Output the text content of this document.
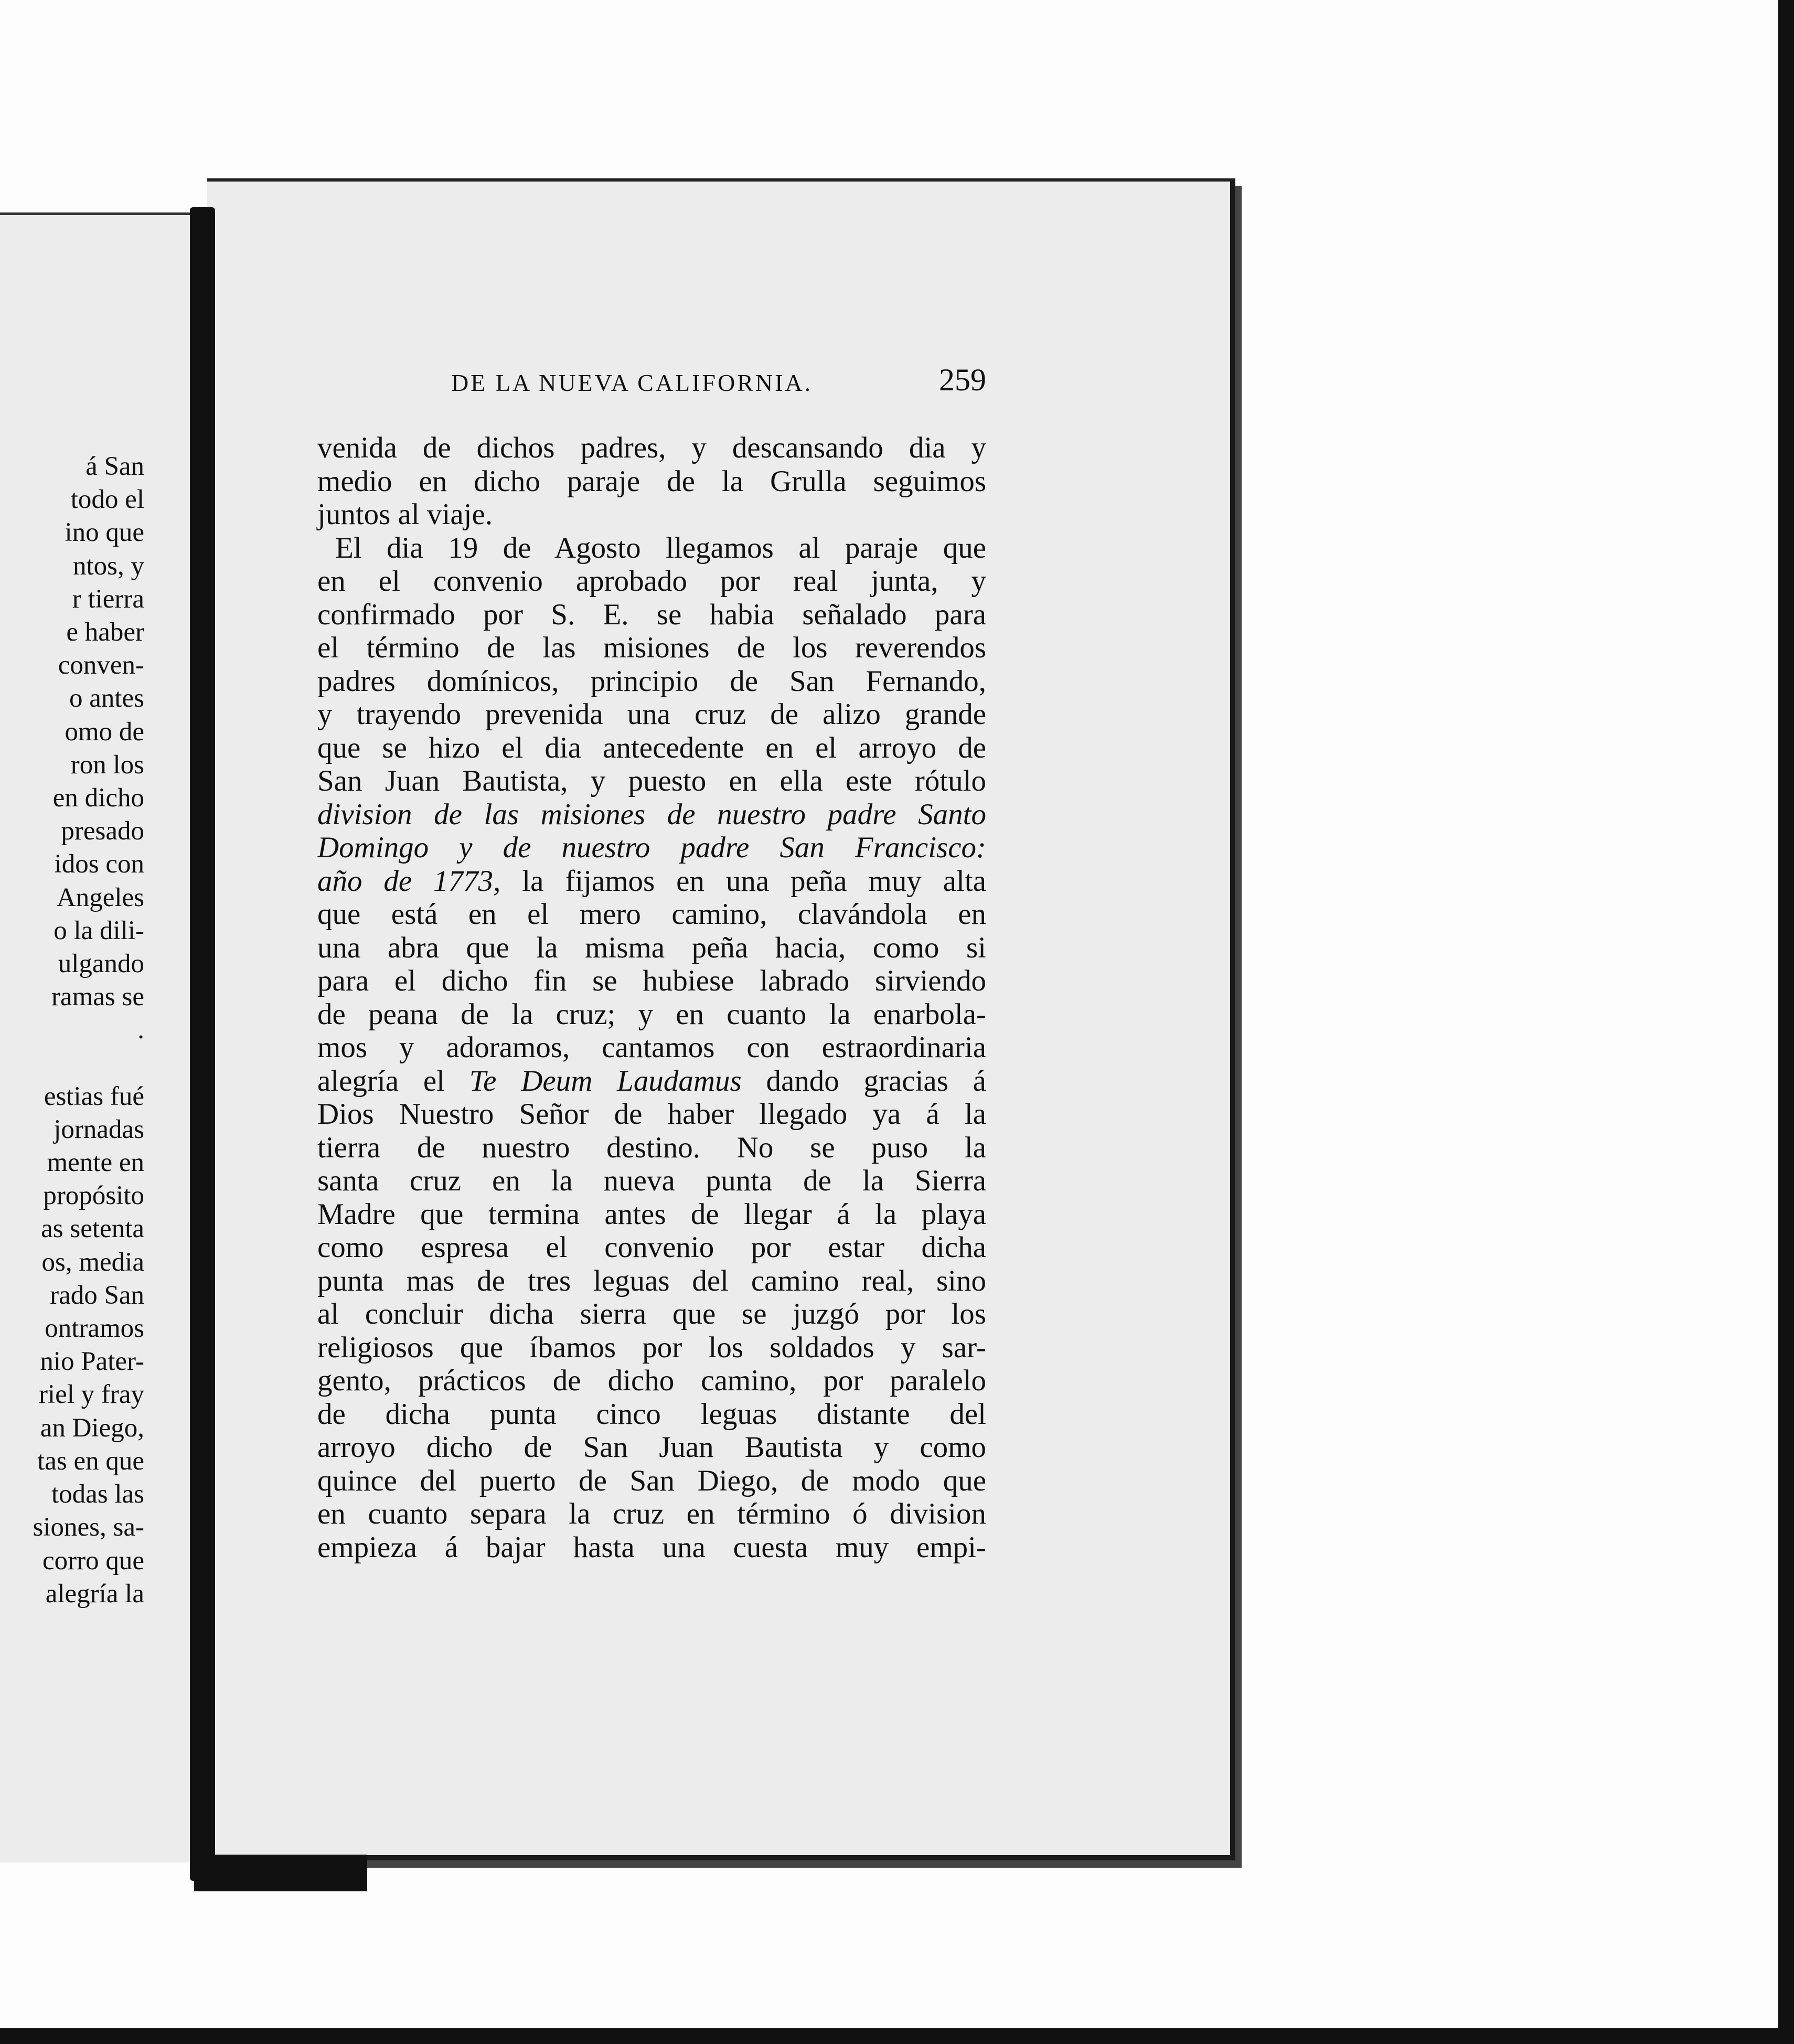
á San
todo el
ino que
ntos, y
r tierra
e haber
conven-
o antes
omo de
ron los
en dicho
presado
idos con
Angeles
o la dili-
ulgando
ramas se
.
estias fué
jornadas
mente en
propósito
as setenta
os, media
rado San
ontramos
nio Pater-
riel y fray
an Diego,
tas en que
todas las
siones, sa-
corro que
alegría la
DE LA NUEVA CALIFORNIA.	259
venida de dichos padres, y descansando dia y
medio en dicho paraje de la Grulla seguimos
juntos al viaje.
El dia 19 de Agosto llegamos al paraje que
en el convenio aprobado por real junta, y
confirmado por S. E. se habia señalado para
el término de las misiones de los reverendos
padres domínicos, principio de San Fernando,
y trayendo prevenida una cruz de alizo grande
que se hizo el dia antecedente en el arroyo de
San Juan Bautista, y puesto en ella este rótulo
division de las misiones de nuestro padre Santo
Domingo y de nuestro padre San Francisco:
año de 1773, la fijamos en una peña muy alta
que está en el mero camino, clavándola en
una abra que la misma peña hacia, como si
para el dicho fin se hubiese labrado sirviendo
de peana de la cruz; y en cuanto la enarbola-
mos y adoramos, cantamos con estraordinaria
alegría el Te Deum Laudamus dando gracias á
Dios Nuestro Señor de haber llegado ya á la
tierra de nuestro destino. No se puso la
santa cruz en la nueva punta de la Sierra
Madre que termina antes de llegar á la playa
como espresa el convenio por estar dicha
punta mas de tres leguas del camino real, sino
al concluir dicha sierra que se juzgó por los
religiosos que íbamos por los soldados y sar-
gento, prácticos de dicho camino, por paralelo
de dicha punta cinco leguas distante del
arroyo dicho de San Juan Bautista y como
quince del puerto de San Diego, de modo que
en cuanto separa la cruz en término ó division
empieza á bajar hasta una cuesta muy empi-
